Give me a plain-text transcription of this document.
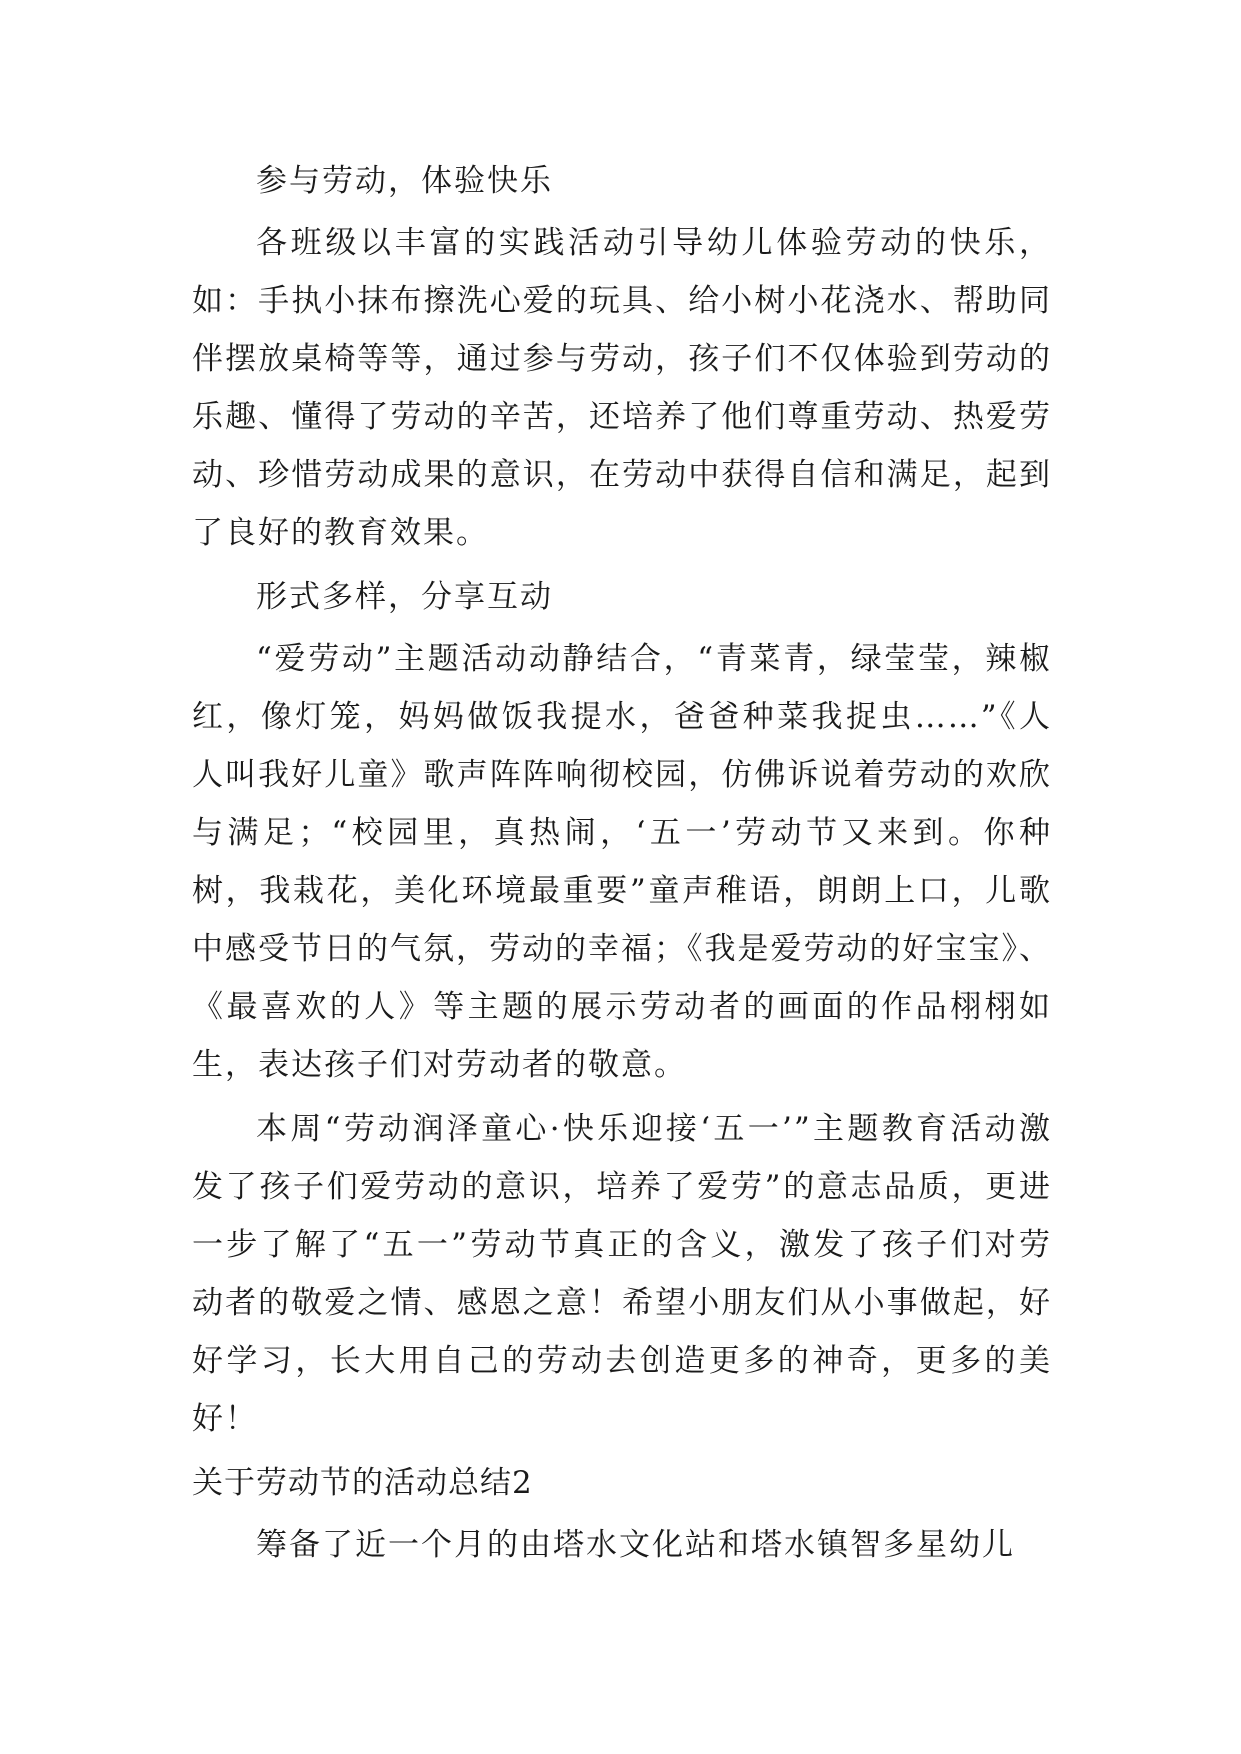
参与劳动，体验快乐

各班级以丰富的实践活动引导幼儿体验劳动的快乐，如：手执小抹布擦洗心爱的玩具、给小树小花浇水、帮助同伴摆放桌椅等等，通过参与劳动，孩子们不仅体验到劳动的乐趣、懂得了劳动的辛苦，还培养了他们尊重劳动、热爱劳动、珍惜劳动成果的意识，在劳动中获得自信和满足，起到了良好的教育效果。

形式多样，分享互动

“爱劳动”主题活动动静结合，“青菜青，绿莹莹，辣椒红，像灯笼，妈妈做饭我提水，爸爸种菜我捉虫……”《人人叫我好儿童》歌声阵阵响彻校园，仿佛诉说着劳动的欢欣与满足；“校园里，真热闹，‘五一’劳动节又来到。你种树，我栽花，美化环境最重要”童声稚语，朗朗上口，儿歌中感受节日的气氛，劳动的幸福；《我是爱劳动的好宝宝》、《最喜欢的人》等主题的展示劳动者的画面的作品栩栩如生，表达孩子们对劳动者的敬意。

本周“劳动润泽童心·快乐迎接‘五一’”主题教育活动激发了孩子们爱劳动的意识，培养了爱劳”的意志品质，更进一步了解了“五一”劳动节真正的含义，激发了孩子们对劳动者的敬爱之情、感恩之意！希望小朋友们从小事做起，好好学习，长大用自己的劳动去创造更多的神奇，更多的美好！

关于劳动节的活动总结2

筹备了近一个月的由塔水文化站和塔水镇智多星幼儿
